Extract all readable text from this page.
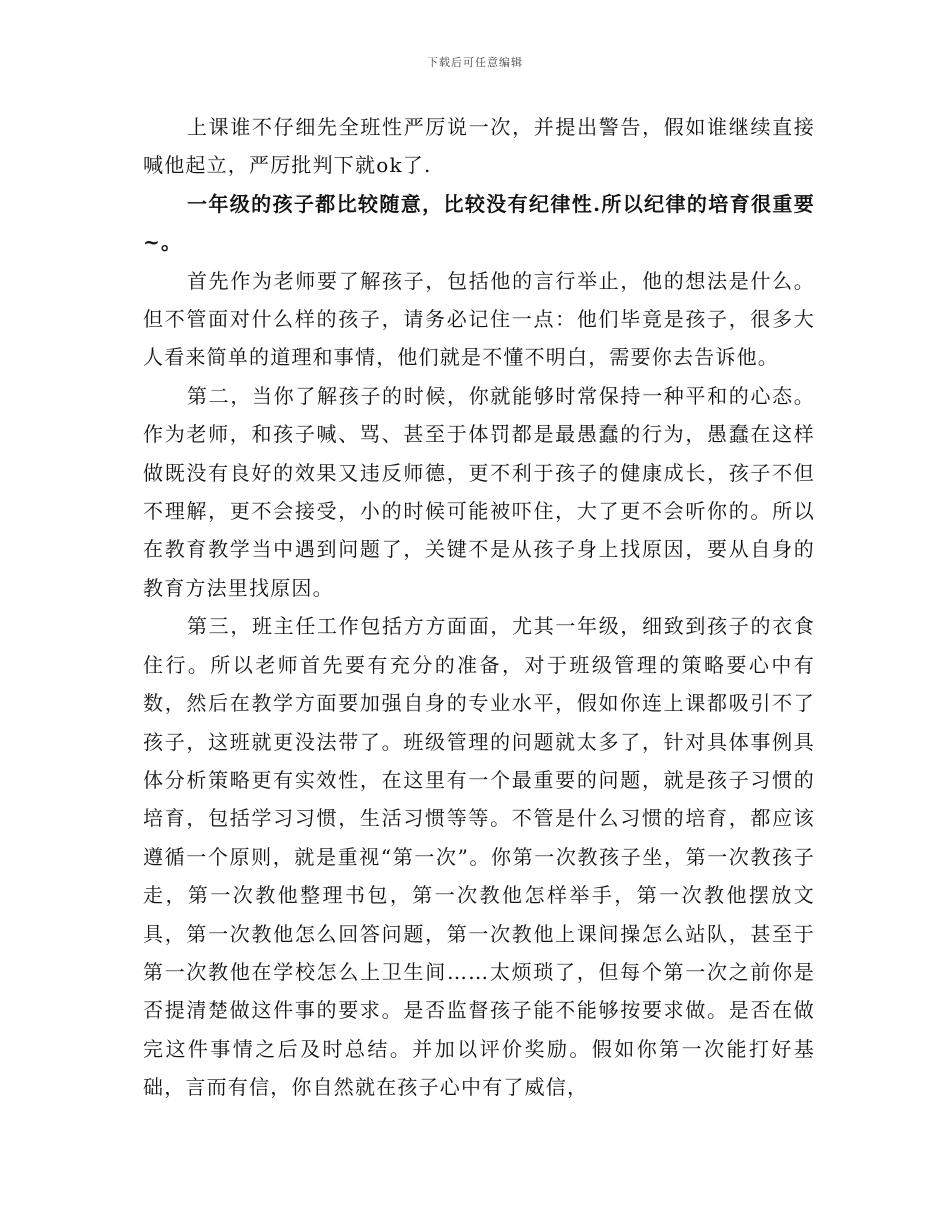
下载后可任意编辑

上课谁不仔细先全班性严厉说一次，并提出警告，假如谁继续直接喊他起立，严厉批判下就ok了.

一年级的孩子都比较随意，比较没有纪律性.所以纪律的培育很重要~。

首先作为老师要了解孩子，包括他的言行举止，他的想法是什么。但不管面对什么样的孩子，请务必记住一点：他们毕竟是孩子，很多大人看来简单的道理和事情，他们就是不懂不明白，需要你去告诉他。

第二，当你了解孩子的时候，你就能够时常保持一种平和的心态。作为老师，和孩子喊、骂、甚至于体罚都是最愚蠢的行为，愚蠢在这样做既没有良好的效果又违反师德，更不利于孩子的健康成长，孩子不但不理解，更不会接受，小的时候可能被吓住，大了更不会听你的。所以在教育教学当中遇到问题了，关键不是从孩子身上找原因，要从自身的教育方法里找原因。

第三，班主任工作包括方方面面，尤其一年级，细致到孩子的衣食住行。所以老师首先要有充分的准备，对于班级管理的策略要心中有数，然后在教学方面要加强自身的专业水平，假如你连上课都吸引不了孩子，这班就更没法带了。班级管理的问题就太多了，针对具体事例具体分析策略更有实效性，在这里有一个最重要的问题，就是孩子习惯的培育，包括学习习惯，生活习惯等等。不管是什么习惯的培育，都应该遵循一个原则，就是重视“第一次”。你第一次教孩子坐，第一次教孩子走，第一次教他整理书包，第一次教他怎样举手，第一次教他摆放文具，第一次教他怎么回答问题，第一次教他上课间操怎么站队，甚至于第一次教他在学校怎么上卫生间……太烦琐了，但每个第一次之前你是否提清楚做这件事的要求。是否监督孩子能不能够按要求做。是否在做完这件事情之后及时总结。并加以评价奖励。假如你第一次能打好基础，言而有信，你自然就在孩子心中有了威信，
